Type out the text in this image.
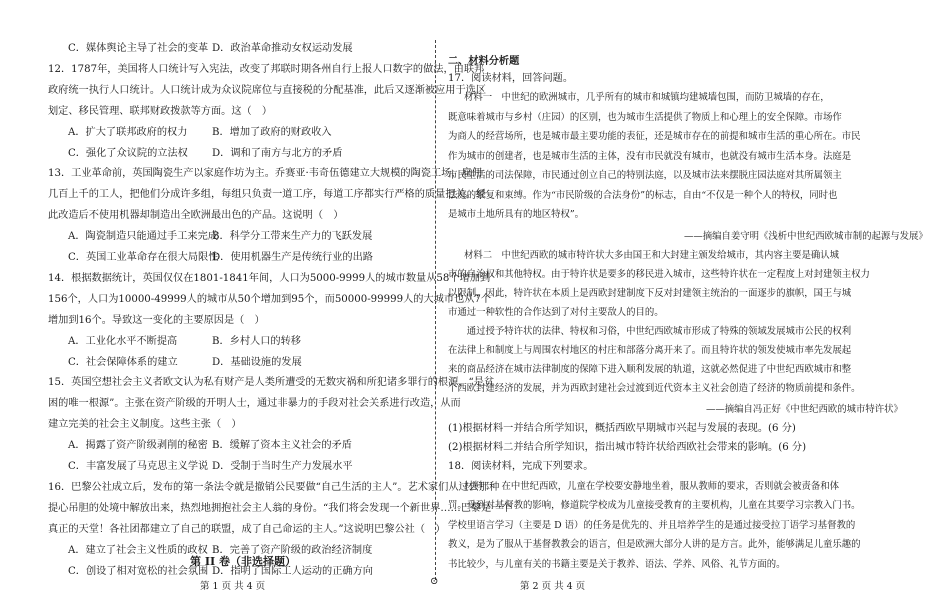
C．媒体舆论主导了社会的变革 D．政治革命推动女权运动发展
12．1787年，美国将人口统计写入宪法，改变了邦联时期各州自行上报人口数字的做法，由联邦
政府统一执行人口统计。人口统计成为众议院席位与直接税的分配基准，此后又逐渐被应用于选区
划定、移民管理、联邦财政拨款等方面。这（　）
A．扩大了联邦政府的权力 B．增加了政府的财政收入
C．强化了众议院的立法权 D．调和了南方与北方的矛盾
13．工业革命前，英国陶瓷生产以家庭作坊为主。乔赛亚·韦奇伍德建立大规模的陶瓷工场，雇佣
几百上千的工人，把他们分成许多组，每组只负责一道工序，每道工序都实行严格的质量把关。经
此改造后不使用机器却制造出全欧洲最出色的产品。这说明（　）
A．陶瓷制造只能通过手工来完成
B．科学分工带来生产力的飞跃发展
C．英国工业革命存在很大局限性
D．使用机器生产是传统行业的出路
14．根据数据统计，英国仅仅在1801-1841年间，人口为5000-9999人的城市数量从58个增加到
156个，人口为10000-49999人的城市从50个增加到95个，而50000-99999人的大城市也从7个
增加到16个。导致这一变化的主要原因是（　）
A．工业化水平不断提高	B．乡村人口的转移
C．社会保障体系的建立	D．基础设施的发展
15．英国空想社会主义者欧文认为私有财产是人类所遭受的无数灾祸和所犯诸多罪行的根源，“是贫
困的唯一根源”。主张在资产阶级的开明人士，通过非暴力的手段对社会关系进行改造，从而
建立完美的社会主义制度。这些主张（　）
A．揭露了资产阶级剥削的秘密 B．缓解了资本主义社会的矛盾
C．丰富发展了马克思主义学说 D．受制于当时生产力发展水平
16．巴黎公社成立后，发布的第一条法令就是撤销公民要做“自己生活的主人”。艺术家们从过去那种
提心吊胆的处境中解放出来，热烈地拥抱社会主人翁的身份。“我们将会发现一个新世界……巴黎是一个
真正的天堂！各社团都建立了自己的联盟，成了自己命运的主人。”这说明巴黎公社（　）
A．建立了社会主义性质的政权 B．完善了资产阶级的政治经济制度
C．创设了相对宽松的社会氛围 D．指明了国际工人运动的正确方向
二、材料分析题
17．阅读材料，回答问题。
材料一　中世纪的欧洲城市，几乎所有的城市和城镇均建城墙包围，而防卫城墙的存在，
既意味着城市与乡村（庄园）的区别，也为城市生活提供了物质上和心理上的安全保障。市场作
为商人的经营场所，也是城市最主要功能的表征，还是城市存在的前提和城市生活的重心所在。市民
作为城市的创建者，也是城市生活的主体，没有市民就没有城市，也就没有城市生活本身。法庭是
市民生活的司法保障，市民通过创立自己的特别法庭，以及城市法来摆脱庄园法庭对其所属领主
法庭的繁复和束缚。作为“市民阶级的合法身份”的标志，自由“不仅是一种个人的特权，同时也
是城市土地所具有的地区特权”。
——摘编自姜守明《浅析中世纪西欧城市制的起源与发展》
材料二　中世纪西欧的城市特许状大多由国王和大封建主颁发给城市，其内容主要是确认城
市的自治权和其他特权。由于特许状是要多的移民进入城市，这些特许状在一定程度上对封建领主权力
以限制，因此，特许状在本质上是西欧封建制度下反对封建领主统治的一面逐步的旗帜，国王与城
市通过一种软性的合作达到了对付主要敌人的目的。
　　通过授予特许状的法律、特权和习俗，中世纪西欧城市形成了特殊的领域发展城市公民的权利
在法律上和制度上与周围农村地区的村庄和部落分离开来了。而且特许状的领发使城市率先发展起
来的商品经济在城市法律制度的保障下进入顺利发展的轨道，这就必然促进了中世纪西欧城市和整
个西欧封建经济的发展，并为西欧封建社会过渡到近代资本主义社会创造了经济的物质前提和条件。
——摘编自冯正好《中世纪西欧的城市特许状》
(1)根据材料一并结合所学知识，概括西欧早期城市兴起与发展的表现。(6 分)
(2)根据材料二并结合所学知识，指出城市特许状给西欧社会带来的影响。(6 分)
18．阅读材料，完成下列要求。
材料一　在中世纪西欧，儿童在学校要安静地坐着，服从教师的要求，否则就会被责备和体
罚。受到对基督教的影响，修道院学校成为儿童接受教育的主要机构，儿童在其要学习宗教入门书。
学校里语言学习（主要是 D 语）的任务是优先的、并且培养学生的是通过接受拉丁语学习基督教的
教义，是为了服从于基督教教会的语言，但是欧洲大部分人讲的是方言。此外，能够满足儿童乐趣的
书比较少，与儿童有关的书籍主要是关于教养、语法、学养、风俗、礼节方面的。
第 II 卷（非选择题）
第 1 页 共 4 页	⊙	第 2 页 共 4 页
